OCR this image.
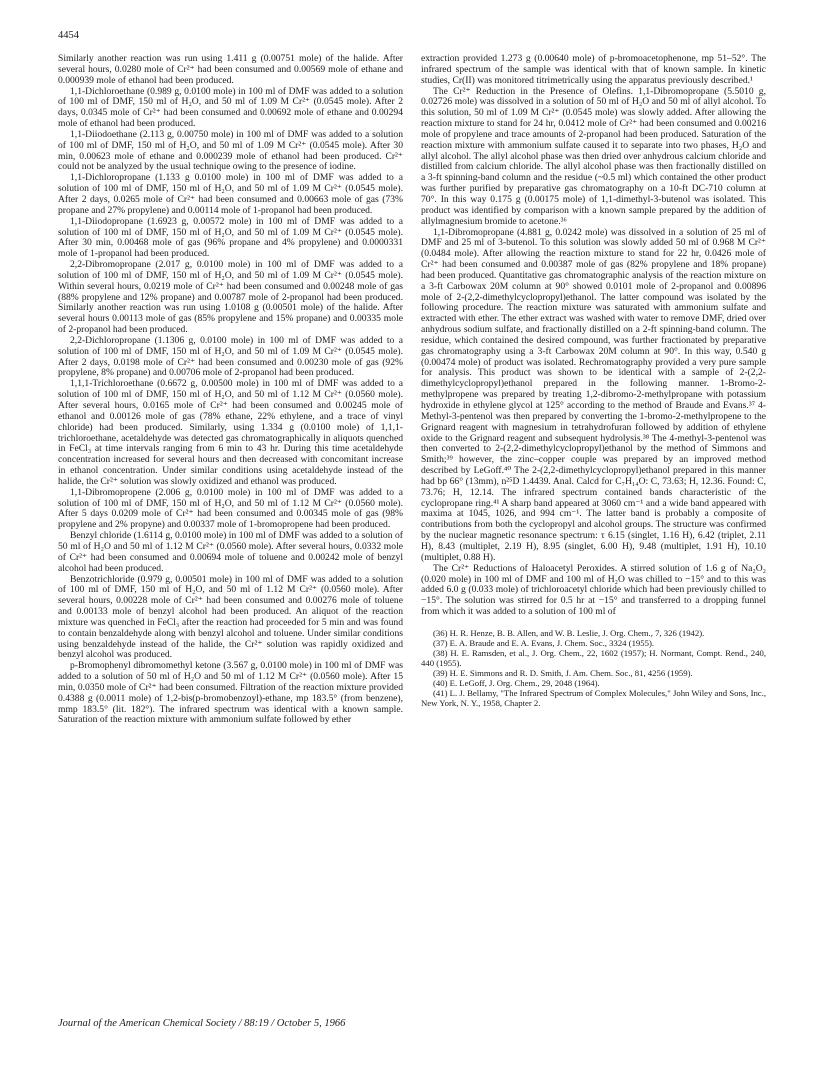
4454

Similarly another reaction was run using 1.411 g (0.00751 mole) of the halide. After several hours, 0.0280 mole of Cr²⁺ had been consumed and 0.00569 mole of ethane and 0.000939 mole of ethanol had been produced.

1,1-Dichloroethane (0.989 g, 0.0100 mole) in 100 ml of DMF was added to a solution of 100 ml of DMF, 150 ml of H₂O, and 50 ml of 1.09 M Cr²⁺ (0.0545 mole). After 2 days, 0.0345 mole of Cr²⁺ had been consumed and 0.00692 mole of ethane and 0.00294 mole of ethanol had been produced.

1,1-Diiodoethane (2.113 g, 0.00750 mole) in 100 ml of DMF was added to a solution of 100 ml of DMF, 150 ml of H₂O, and 50 ml of 1.09 M Cr²⁺ (0.0545 mole). After 30 min, 0.00623 mole of ethane and 0.000239 mole of ethanol had been produced. Cr²⁺ could not be analyzed by the usual technique owing to the presence of iodine.

1,1-Dichloropropane (1.133 g 0.0100 mole) in 100 ml of DMF was added to a solution of 100 ml of DMF, 150 ml of H₂O, and 50 ml of 1.09 M Cr²⁺ (0.0545 mole). After 2 days, 0.0265 mole of Cr²⁺ had been consumed and 0.00663 mole of gas (73% propane and 27% propylene) and 0.00114 mole of 1-propanol had been produced.

1,1-Diiodopropane (1.6923 g, 0.00572 mole) in 100 ml of DMF was added to a solution of 100 ml of DMF, 150 ml of H₂O, and 50 ml of 1.09 M Cr²⁺ (0.0545 mole). After 30 min, 0.00468 mole of gas (96% propane and 4% propylene) and 0.0000331 mole of 1-propanol had been produced.

2,2-Dibromopropane (2.017 g, 0.0100 mole) in 100 ml of DMF was added to a solution of 100 ml of DMF, 150 ml of H₂O, and 50 ml of 1.09 M Cr²⁺ (0.0545 mole). Within several hours, 0.0219 mole of Cr²⁺ had been consumed and 0.00248 mole of gas (88% propylene and 12% propane) and 0.00787 mole of 2-propanol had been produced. Similarly another reaction was run using 1.0108 g (0.00501 mole) of the halide. After several hours 0.00113 mole of gas (85% propylene and 15% propane) and 0.00335 mole of 2-propanol had been produced.

2,2-Dichloropropane (1.1306 g, 0.0100 mole) in 100 ml of DMF was added to a solution of 100 ml of DMF, 150 ml of H₂O, and 50 ml of 1.09 M Cr²⁺ (0.0545 mole). After 2 days, 0.0198 mole of Cr²⁺ had been consumed and 0.00230 mole of gas (92% propylene, 8% propane) and 0.00706 mole of 2-propanol had been produced.

1,1,1-Trichloroethane (0.6672 g, 0.00500 mole) in 100 ml of DMF was added to a solution of 100 ml of DMF, 150 ml of H₂O, and 50 ml of 1.12 M Cr²⁺ (0.0560 mole). After several hours, 0.0165 mole of Cr²⁺ had been consumed and 0.00245 mole of ethanol and 0.00126 mole of gas (78% ethane, 22% ethylene, and a trace of vinyl chloride) had been produced. Similarly, using 1.334 g (0.0100 mole) of 1,1,1-trichloroethane, acetaldehyde was detected gas chromatographically in aliquots quenched in FeCl₃ at time intervals ranging from 6 min to 43 hr. During this time acetaldehyde concentration increased for several hours and then decreased with concomitant increase in ethanol concentration. Under similar conditions using acetaldehyde instead of the halide, the Cr²⁺ solution was slowly oxidized and ethanol was produced.

1,1-Dibromopropene (2.006 g, 0.0100 mole) in 100 ml of DMF was added to a solution of 100 ml of DMF, 150 ml of H₂O, and 50 ml of 1.12 M Cr²⁺ (0.0560 mole). After 5 days 0.0209 mole of Cr²⁺ had been consumed and 0.00345 mole of gas (98% propylene and 2% propyne) and 0.00337 mole of 1-bromopropene had been produced.

Benzyl chloride (1.6114 g, 0.0100 mole) in 100 ml of DMF was added to a solution of 50 ml of H₂O and 50 ml of 1.12 M Cr²⁺ (0.0560 mole). After several hours, 0.0332 mole of Cr²⁺ had been consumed and 0.00694 mole of toluene and 0.00242 mole of benzyl alcohol had been produced.

Benzotrichloride (0.979 g, 0.00501 mole) in 100 ml of DMF was added to a solution of 100 ml of DMF, 150 ml of H₂O, and 50 ml of 1.12 M Cr²⁺ (0.0560 mole). After several hours, 0.00228 mole of Cr²⁺ had been consumed and 0.00276 mole of toluene and 0.00133 mole of benzyl alcohol had been produced. An aliquot of the reaction mixture was quenched in FeCl₃ after the reaction had proceeded for 5 min and was found to contain benzaldehyde along with benzyl alcohol and toluene. Under similar conditions using benzaldehyde instead of the halide, the Cr²⁺ solution was rapidly oxidized and benzyl alcohol was produced.

p-Bromophenyl dibromomethyl ketone (3.567 g, 0.0100 mole) in 100 ml of DMF was added to a solution of 50 ml of H₂O and 50 ml of 1.12 M Cr²⁺ (0.0560 mole). After 15 min, 0.0350 mole of Cr²⁺ had been consumed. Filtration of the reaction mixture provided 0.4388 g (0.0011 mole) of 1,2-bis(p-bromobenzoyl)-ethane, mp 183.5° (from benzene), mmp 183.5° (lit. 182°). The infrared spectrum was identical with a known sample. Saturation of the reaction mixture with ammonium sulfate followed by ether

extraction provided 1.273 g (0.00640 mole) of p-bromoacetophenone, mp 51–52°. The infrared spectrum of the sample was identical with that of known sample. In kinetic studies, Cr(II) was monitored titrimetrically using the apparatus previously described.¹

The Cr²⁺ Reduction in the Presence of Olefins. 1,1-Dibromopropane (5.5010 g, 0.02726 mole) was dissolved in a solution of 50 ml of H₂O and 50 ml of allyl alcohol. To this solution, 50 ml of 1.09 M Cr²⁺ (0.0545 mole) was slowly added. After allowing the reaction mixture to stand for 24 hr, 0.0412 mole of Cr²⁺ had been consumed and 0.00216 mole of propylene and trace amounts of 2-propanol had been produced. Saturation of the reaction mixture with ammonium sulfate caused it to separate into two phases, H₂O and allyl alcohol. The allyl alcohol phase was then dried over anhydrous calcium chloride and distilled from calcium chloride. The allyl alcohol phase was then fractionally distilled on a 3-ft spinning-band column and the residue (~0.5 ml) which contained the other product was further purified by preparative gas chromatography on a 10-ft DC-710 column at 70°. In this way 0.175 g (0.00175 mole) of 1,1-dimethyl-3-butenol was isolated. This product was identified by comparison with a known sample prepared by the addition of allylmagnesium bromide to acetone.³⁶

1,1-Dibromopropane (4.881 g, 0.0242 mole) was dissolved in a solution of 25 ml of DMF and 25 ml of 3-butenol. To this solution was slowly added 50 ml of 0.968 M Cr²⁺ (0.0484 mole). After allowing the reaction mixture to stand for 22 hr, 0.0426 mole of Cr²⁺ had been consumed and 0.00387 mole of gas (82% propylene and 18% propane) had been produced. Quantitative gas chromatographic analysis of the reaction mixture on a 3-ft Carbowax 20M column at 90° showed 0.0101 mole of 2-propanol and 0.00896 mole of 2-(2,2-dimethylcyclopropyl)ethanol. The latter compound was isolated by the following procedure. The reaction mixture was saturated with ammonium sulfate and extracted with ether. The ether extract was washed with water to remove DMF, dried over anhydrous sodium sulfate, and fractionally distilled on a 2-ft spinning-band column. The residue, which contained the desired compound, was further fractionated by preparative gas chromatography using a 3-ft Carbowax 20M column at 90°. In this way, 0.540 g (0.00474 mole) of product was isolated. Rechromatography provided a very pure sample for analysis. This product was shown to be identical with a sample of 2-(2,2-dimethylcyclopropyl)ethanol prepared in the following manner. 1-Bromo-2-methylpropene was prepared by treating 1,2-dibromo-2-methylpropane with potassium hydroxide in ethylene glycol at 125° according to the method of Braude and Evans.³⁷ 4-Methyl-3-pentenol was then prepared by converting the 1-bromo-2-methylpropene to the Grignard reagent with magnesium in tetrahydrofuran followed by addition of ethylene oxide to the Grignard reagent and subsequent hydrolysis.³⁸ The 4-methyl-3-pentenol was then converted to 2-(2,2-dimethylcyclopropyl)ethanol by the method of Simmons and Smith;³⁹ however, the zinc–copper couple was prepared by an improved method described by LeGoff.⁴⁰ The 2-(2,2-dimethylcyclopropyl)ethanol prepared in this manner had bp 66° (13mm), n²⁵D 1.4439. Anal. Calcd for C₇H₁₄O: C, 73.63; H, 12.36. Found: C, 73.76; H, 12.14. The infrared spectrum contained bands characteristic of the cyclopropane ring.⁴¹ A sharp band appeared at 3060 cm⁻¹ and a wide band appeared with maxima at 1045, 1026, and 994 cm⁻¹. The latter band is probably a composite of contributions from both the cyclopropyl and alcohol groups. The structure was confirmed by the nuclear magnetic resonance spectrum: τ 6.15 (singlet, 1.16 H), 6.42 (triplet, 2.11 H), 8.43 (multiplet, 2.19 H), 8.95 (singlet, 6.00 H), 9.48 (multiplet, 1.91 H), 10.10 (multiplet, 0.88 H).

The Cr²⁺ Reductions of Haloacetyl Peroxides. A stirred solution of 1.6 g of Na₂O₂ (0.020 mole) in 100 ml of DMF and 100 ml of H₂O was chilled to −15° and to this was added 6.0 g (0.033 mole) of trichloroacetyl chloride which had been previously chilled to −15°. The solution was stirred for 0.5 hr at −15° and transferred to a dropping funnel from which it was added to a solution of 100 ml of

(36) H. R. Henze, B. B. Allen, and W. B. Leslie, J. Org. Chem., 7, 326 (1942).

(37) E. A. Braude and E. A. Evans, J. Chem. Soc., 3324 (1955).

(38) H. E. Ramsden, et al., J. Org. Chem., 22, 1602 (1957); H. Normant, Compt. Rend., 240, 440 (1955).

(39) H. E. Simmons and R. D. Smith, J. Am. Chem. Soc., 81, 4256 (1959).

(40) E. LeGoff, J. Org. Chem., 29, 2048 (1964).

(41) L. J. Bellamy, "The Infrared Spectrum of Complex Molecules," John Wiley and Sons, Inc., New York, N. Y., 1958, Chapter 2.

Journal of the American Chemical Society / 88:19 / October 5, 1966
